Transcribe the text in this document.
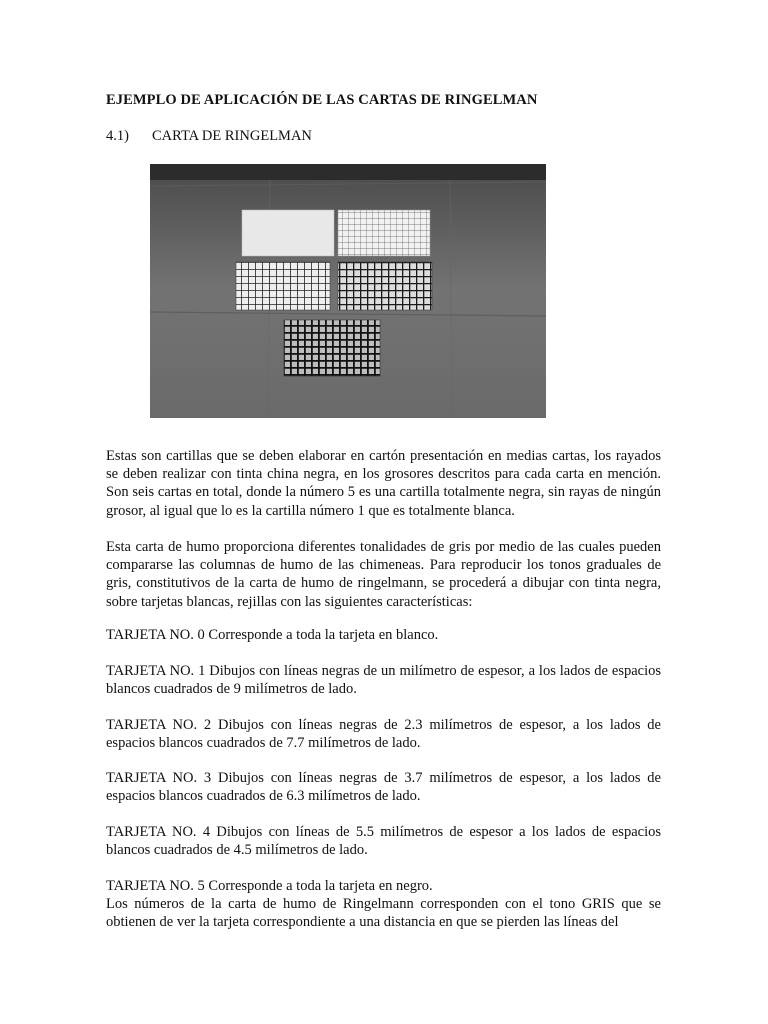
EJEMPLO DE APLICACIÓN DE LAS CARTAS DE RINGELMAN
4.1) CARTA DE RINGELMAN

Estas son cartillas que se deben elaborar en cartón presentación en medias cartas, los rayados se deben realizar con tinta china negra, en los grosores descritos para cada carta en mención. Son seis cartas en total, donde la número 5 es una cartilla totalmente negra, sin rayas de ningún grosor, al igual que lo es la cartilla número 1 que es totalmente blanca.

Esta carta de humo proporciona diferentes tonalidades de gris por medio de las cuales pueden compararse las columnas de humo de las chimeneas. Para reproducir los tonos graduales de gris, constitutivos de la carta de humo de ringelmann, se procederá a dibujar con tinta negra, sobre tarjetas blancas, rejillas con las siguientes características:

TARJETA NO. 0 Corresponde a toda la tarjeta en blanco.

TARJETA NO. 1 Dibujos con líneas negras de un milímetro de espesor, a los lados de espacios blancos cuadrados de 9 milímetros de lado.

TARJETA NO. 2 Dibujos con líneas negras de 2.3 milímetros de espesor, a los lados de espacios blancos cuadrados de 7.7 milímetros de lado.

TARJETA NO. 3 Dibujos con líneas negras de 3.7 milímetros de espesor, a los lados de espacios blancos cuadrados de 6.3 milímetros de lado.

TARJETA NO. 4 Dibujos con líneas de 5.5 milímetros de espesor a los lados de espacios blancos cuadrados de 4.5 milímetros de lado.

TARJETA NO. 5 Corresponde a toda la tarjeta en negro.
Los números de la carta de humo de Ringelmann corresponden con el tono GRIS que se obtienen de ver la tarjeta correspondiente a una distancia en que se pierden las líneas del
